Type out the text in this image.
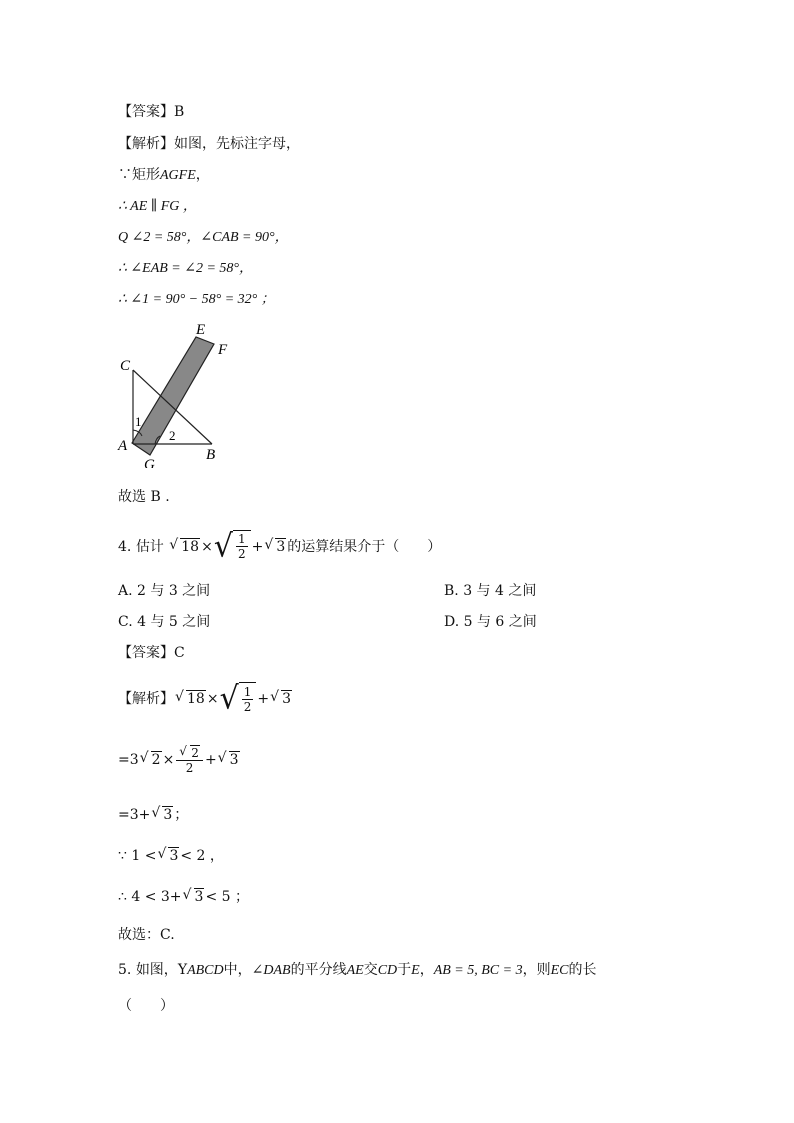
【答案】B
【解析】如图，先标注字母，
∵矩形AGFE，
∴ AE ∥ FG ，
Q ∠2 = 58°，∠CAB = 90°，
∴ ∠EAB = ∠2 = 58°，
∴ ∠1 = 90° − 58° = 32° ；
E
F
C
A
G
B
1
2
故选 B .
4. 估计 √ 18 × √ $\frac{1}{2}$ + √ 3 的运算结果介于（　　）
A. 2 与 3 之间	B. 3 与 4 之间
C. 4 与 5 之间	D. 5 与 6 之间
【答案】C
【解析】 √ 18 × √ $\frac{1}{2}$ + √ 3
=3 √ 2 × √ $\frac{2}{2}$ + √ 3
=3+ √ 3 ；
∵ 1 < √ 3 < 2 ，
∴ 4 < 3+ √ 3 < 5 ；
故选：C.
5. 如图，YABCD中，∠DAB的平分线AE交CD于E，AB = 5, BC = 3，则EC的长
（　　）
